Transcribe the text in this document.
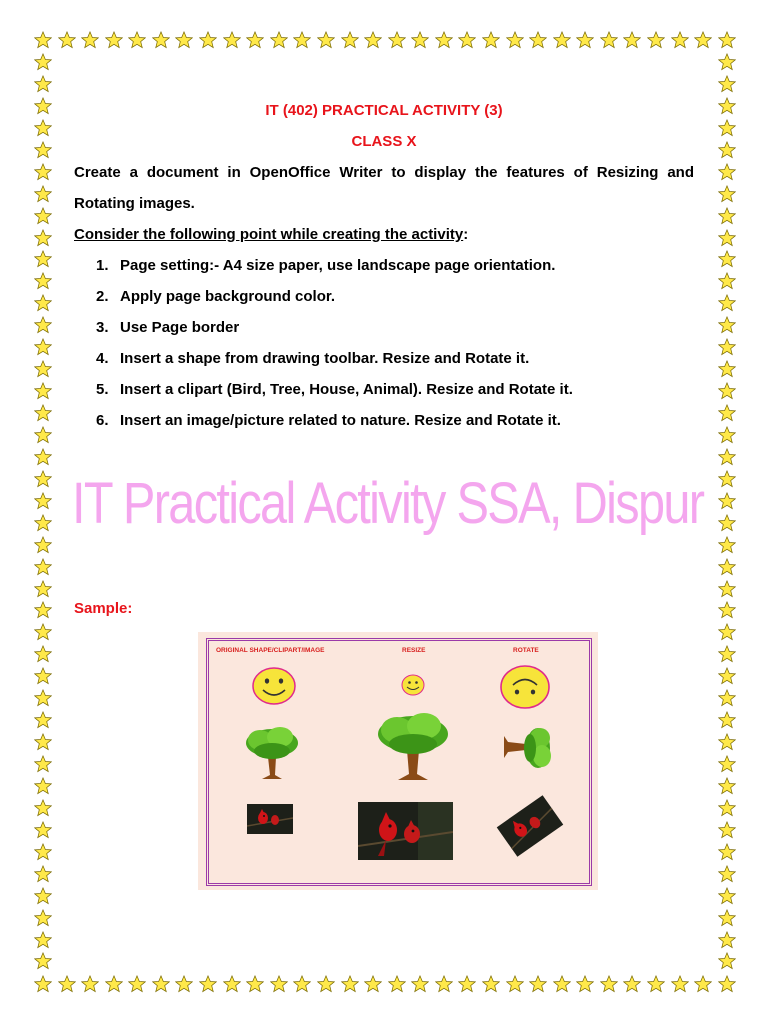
IT (402) PRACTICAL ACTIVITY (3)
CLASS X
Create a document in OpenOffice Writer to display the features of Resizing and
Rotating images.
Consider the following point while creating the activity:
1. Page setting:- A4 size paper, use landscape page orientation.
2. Apply page background color.
3. Use Page border
4. Insert a shape from drawing toolbar. Resize and Rotate it.
5. Insert a clipart (Bird, Tree, House, Animal). Resize and Rotate it.
6. Insert an image/picture related to nature. Resize and Rotate it.
IT Practical Activity SSA, Dispur
Sample:
ORIGINAL SHAPE/CLIPART/IMAGE	RESIZE	ROTATE
